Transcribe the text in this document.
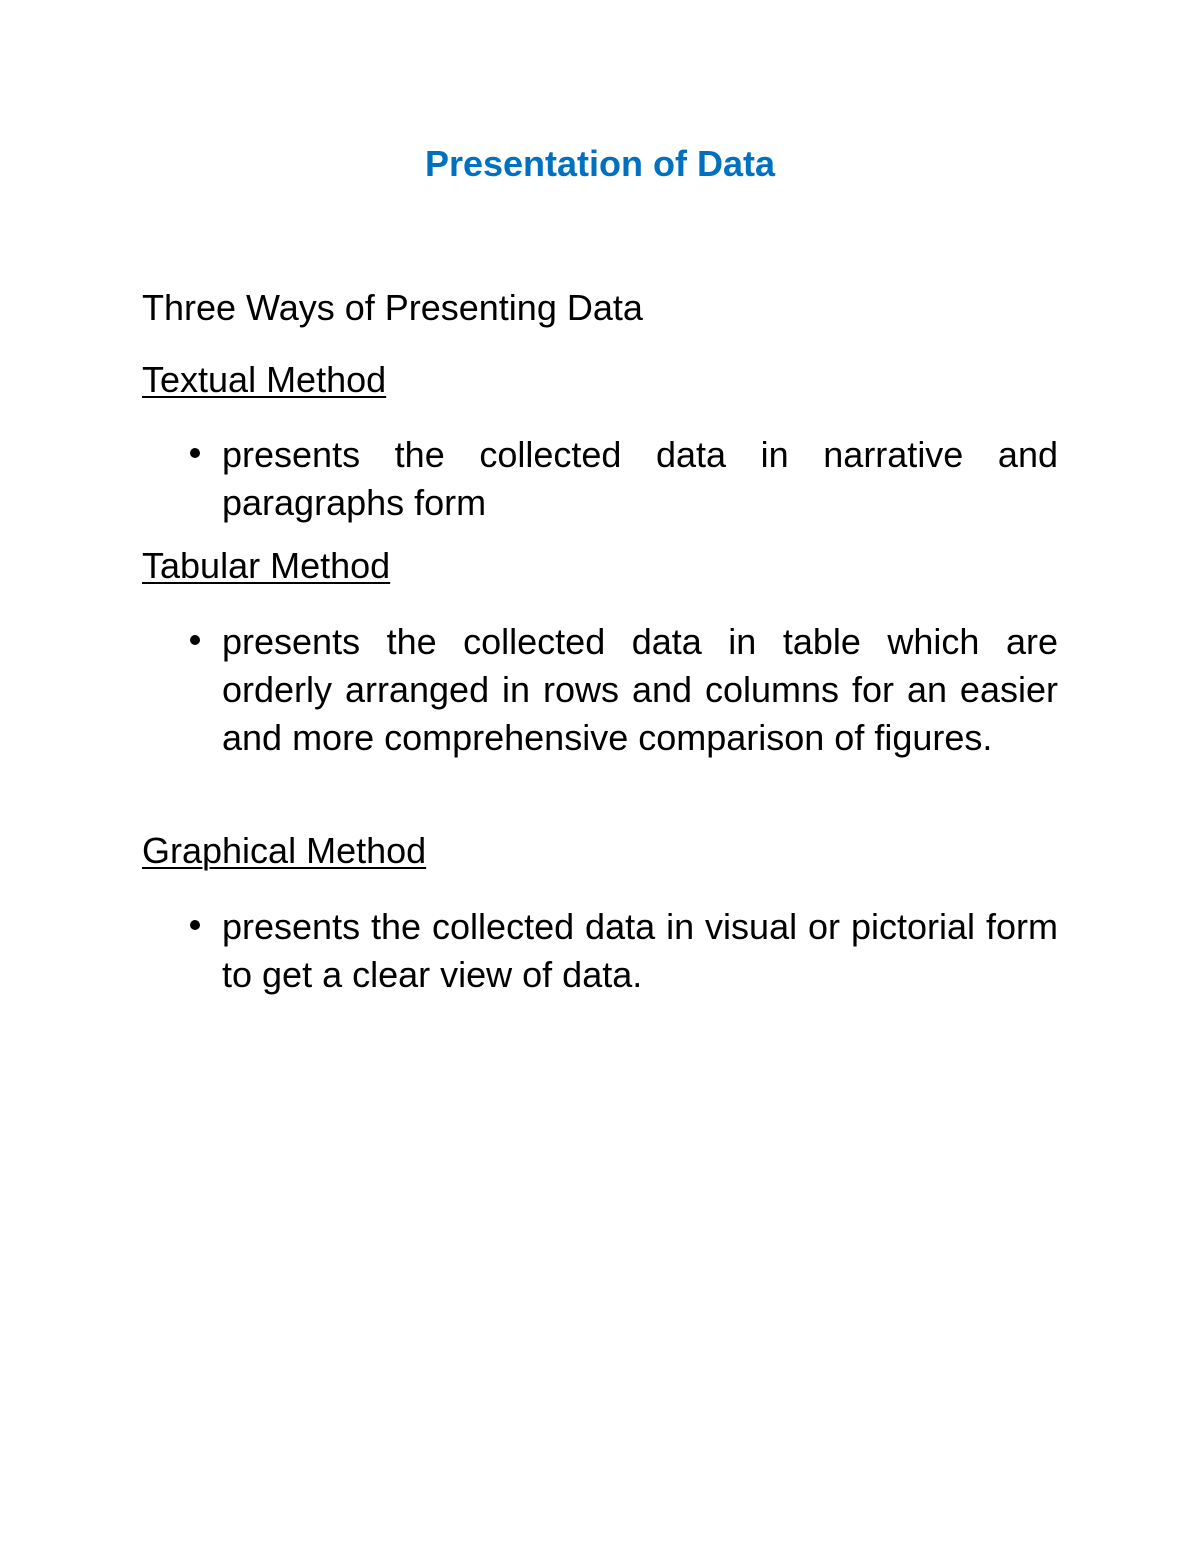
Presentation of Data

Three Ways of Presenting Data

Textual Method

presents the collected data in narrative and paragraphs form

Tabular Method

presents the collected data in table which are orderly arranged in rows and columns for an easier and more comprehensive comparison of figures.

Graphical Method

presents the collected data in visual or pictorial form to get a clear view of data.
